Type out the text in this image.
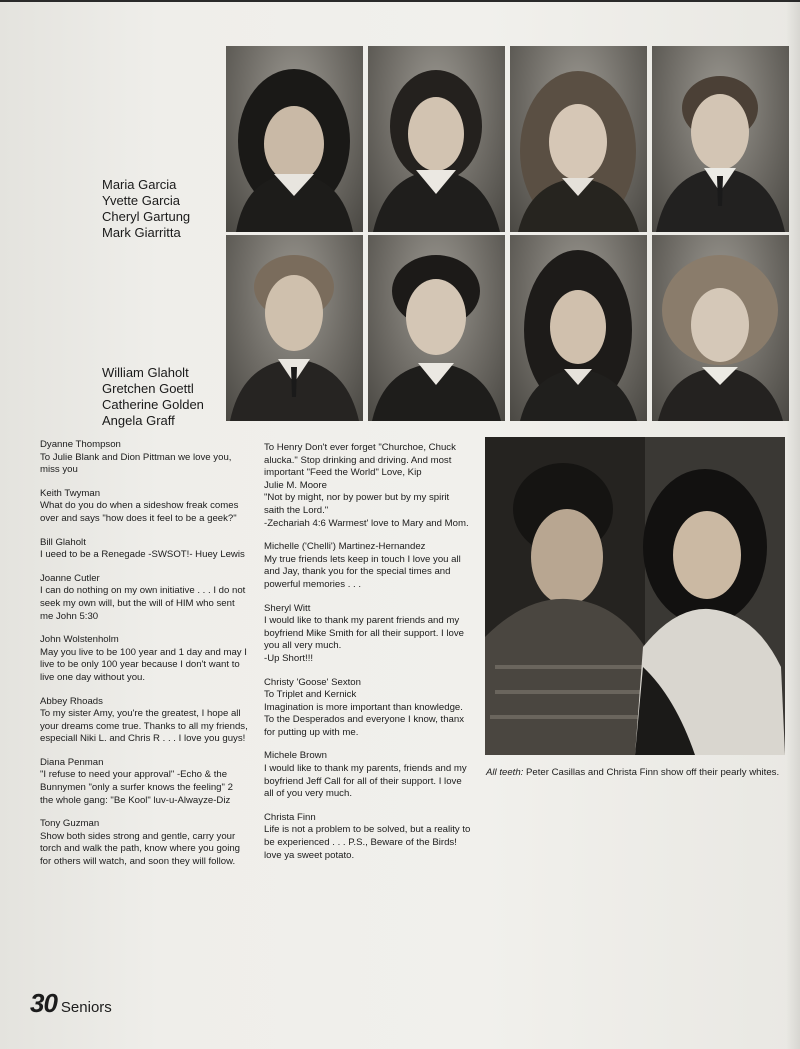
Maria Garcia
Yvette Garcia
Cheryl Gartung
Mark Giarritta
William Glaholt
Gretchen Goettl
Catherine Golden
Angela Graff
Dyanne Thompson
To Julie Blank and Dion Pittman we love you, miss you
Keith Twyman
What do you do when a sideshow freak comes over and says "how does it feel to be a geek?"
Bill Glaholt
I ueed to be a Renegade -SWSOT!- Huey Lewis
Joanne Cutler
I can do nothing on my own initiative . . . I do not seek my own will, but the will of HIM who sent me John 5:30
John Wolstenholm
May you live to be 100 year and 1 day and may I live to be only 100 year because I don't want to live one day without you.
Abbey Rhoads
To my sister Amy, you're the greatest, I hope all your dreams come true. Thanks to all my friends, especiall Niki L. and Chris R . . . I love you guys!
Diana Penman
"I refuse to need your approval" -Echo & the Bunnymen "only a surfer knows the feeling" 2 the whole gang: "Be Kool" luv-u-Alwayze-Diz
Tony Guzman
Show both sides strong and gentle, carry your torch and walk the path, know where you going for others will watch, and soon they will follow.
To Henry Don't ever forget "Churchoe, Chuck alucka." Stop drinking and driving. And most important "Feed the World" Love, Kip
Julie M. Moore
"Not by might, nor by power but by my spirit saith the Lord."
-Zechariah 4:6 Warmest' love to Mary and Mom.
Michelle ('Chelli') Martinez-Hernandez
My true friends lets keep in touch I love you all and Jay, thank you for the special times and powerful memories . . .
Sheryl Witt
I would like to thank my parent friends and my boyfriend Mike Smith for all their support. I love you all very much.
-Up Short!!!
Christy 'Goose' Sexton
To Triplet and Kernick
Imagination is more important than knowledge. To the Desperados and everyone I know, thanx for putting up with me.
Michele Brown
I would like to thank my parents, friends and my boyfriend Jeff Call for all of their support. I love all of you very much.
Christa Finn
Life is not a problem to be solved, but a reality to be experienced . . . P.S., Beware of the Birds! love ya sweet potato.
All teeth: Peter Casillas and Christa Finn show off their pearly whites.
30 Seniors
